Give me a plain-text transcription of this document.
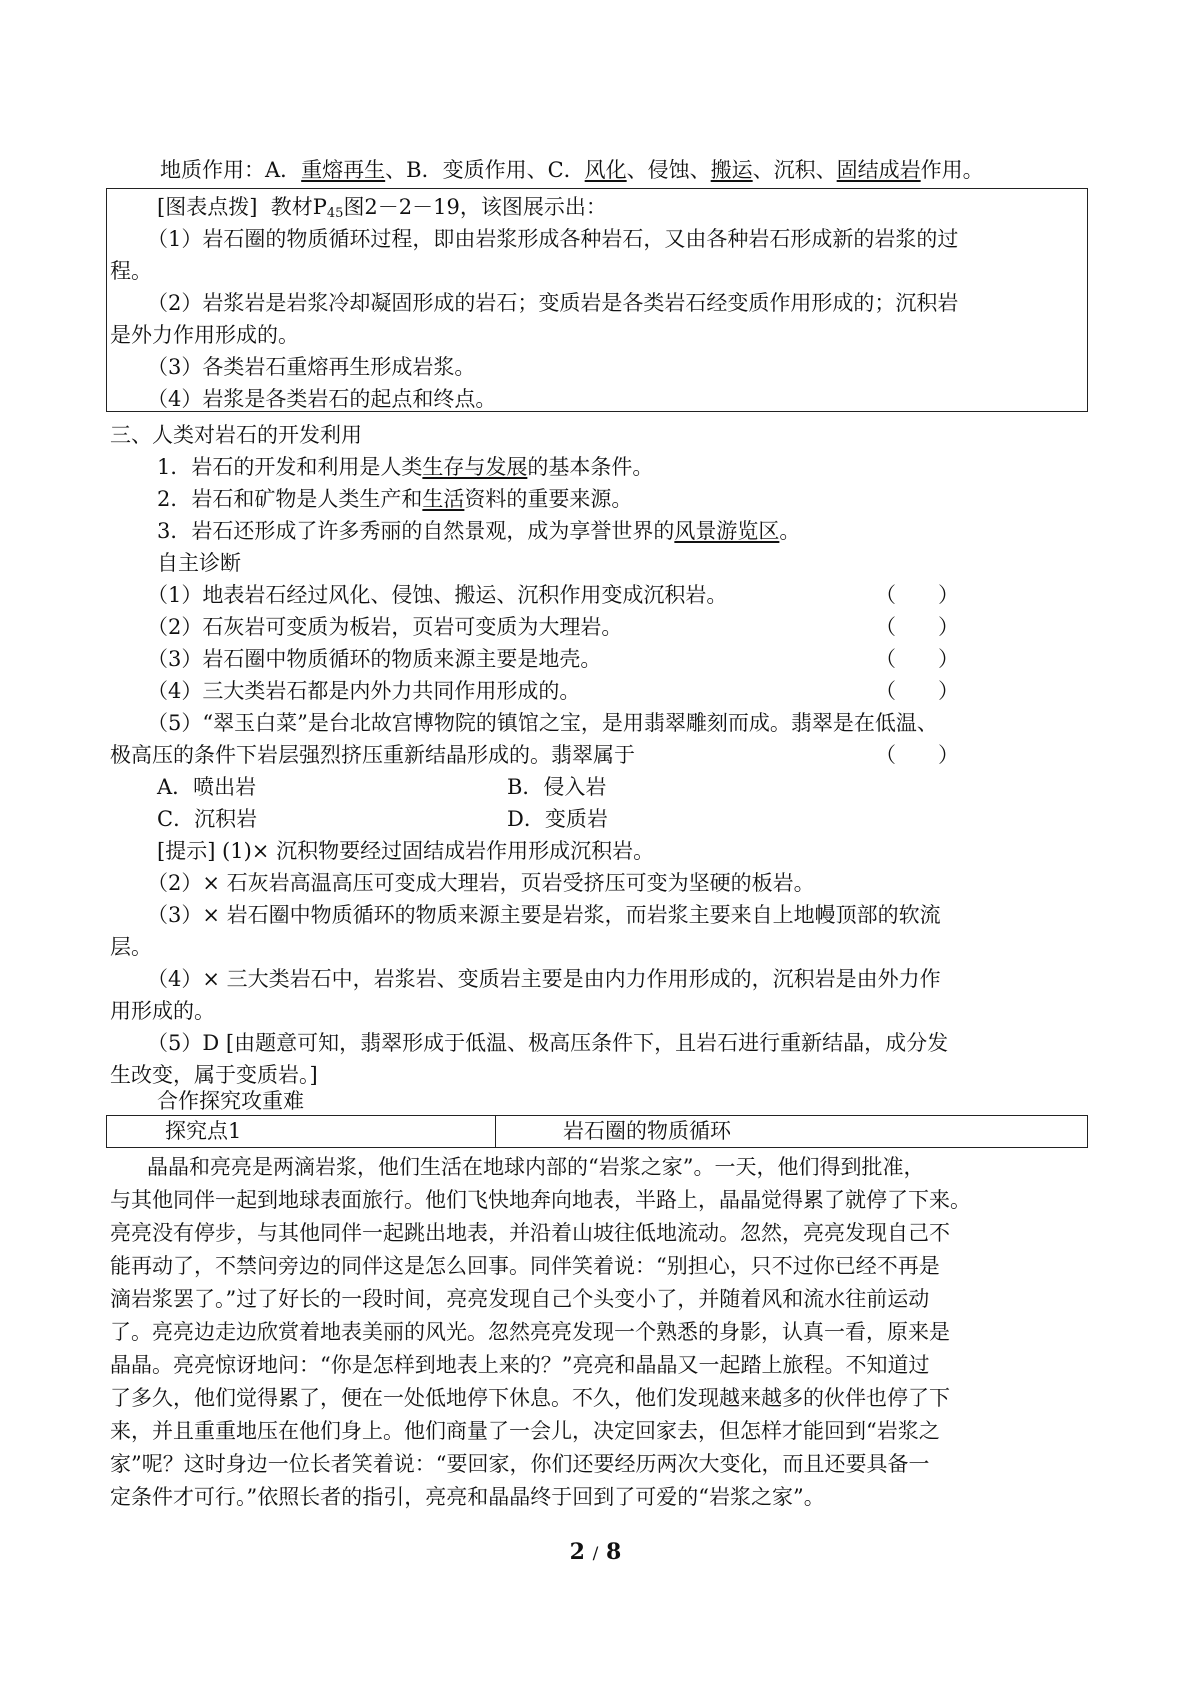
地质作用：A．重熔再生、B．变质作用、C．风化、侵蚀、搬运、沉积、固结成岩作用。
[图表点拨] 教材$P_{45}$图2－2－19，该图展示出：
（1）岩石圈的物质循环过程，即由岩浆形成各种岩石，又由各种岩石形成新的岩浆的过
程。
（2）岩浆岩是岩浆冷却凝固形成的岩石；变质岩是各类岩石经变质作用形成的；沉积岩
是外力作用形成的。
（3）各类岩石重熔再生形成岩浆。
（4）岩浆是各类岩石的起点和终点。
三、人类对岩石的开发利用
1．岩石的开发和利用是人类生存与发展的基本条件。
2．岩石和矿物是人类生产和生活资料的重要来源。
3．岩石还形成了许多秀丽的自然景观，成为享誉世界的风景游览区。
自主诊断
（1）地表岩石经过风化、侵蚀、搬运、沉积作用变成沉积岩。	（　　）
（2）石灰岩可变质为板岩，页岩可变质为大理岩。	（　　）
（3）岩石圈中物质循环的物质来源主要是地壳。	（　　）
（4）三大类岩石都是内外力共同作用形成的。	（　　）
（5）“翠玉白菜”是台北故宫博物院的镇馆之宝，是用翡翠雕刻而成。翡翠是在低温、
极高压的条件下岩层强烈挤压重新结晶形成的。翡翠属于	（　　）
A．喷出岩	B．侵入岩
C．沉积岩	D．变质岩
[提示] (1)× 沉积物要经过固结成岩作用形成沉积岩。
（2）× 石灰岩高温高压可变成大理岩，页岩受挤压可变为坚硬的板岩。
（3）× 岩石圈中物质循环的物质来源主要是岩浆，而岩浆主要来自上地幔顶部的软流
层。
（4）× 三大类岩石中，岩浆岩、变质岩主要是由内力作用形成的，沉积岩是由外力作
用形成的。
（5）D [由题意可知，翡翠形成于低温、极高压条件下，且岩石进行重新结晶，成分发
生改变，属于变质岩。]
合作探究攻重难
探究点1	岩石圈的物质循环
晶晶和亮亮是两滴岩浆，他们生活在地球内部的“岩浆之家”。一天，他们得到批准，
与其他同伴一起到地球表面旅行。他们飞快地奔向地表，半路上，晶晶觉得累了就停了下来。
亮亮没有停步，与其他同伴一起跳出地表，并沿着山坡往低地流动。忽然，亮亮发现自己不
能再动了，不禁问旁边的同伴这是怎么回事。同伴笑着说：“别担心，只不过你已经不再是
滴岩浆罢了。”过了好长的一段时间，亮亮发现自己个头变小了，并随着风和流水往前运动
了。亮亮边走边欣赏着地表美丽的风光。忽然亮亮发现一个熟悉的身影，认真一看，原来是
晶晶。亮亮惊讶地问：“你是怎样到地表上来的？”亮亮和晶晶又一起踏上旅程。不知道过
了多久，他们觉得累了，便在一处低地停下休息。不久，他们发现越来越多的伙伴也停了下
来，并且重重地压在他们身上。他们商量了一会儿，决定回家去，但怎样才能回到“岩浆之
家”呢？这时身边一位长者笑着说：“要回家，你们还要经历两次大变化，而且还要具备一
定条件才可行。”依照长者的指引，亮亮和晶晶终于回到了可爱的“岩浆之家”。
2 / 8
